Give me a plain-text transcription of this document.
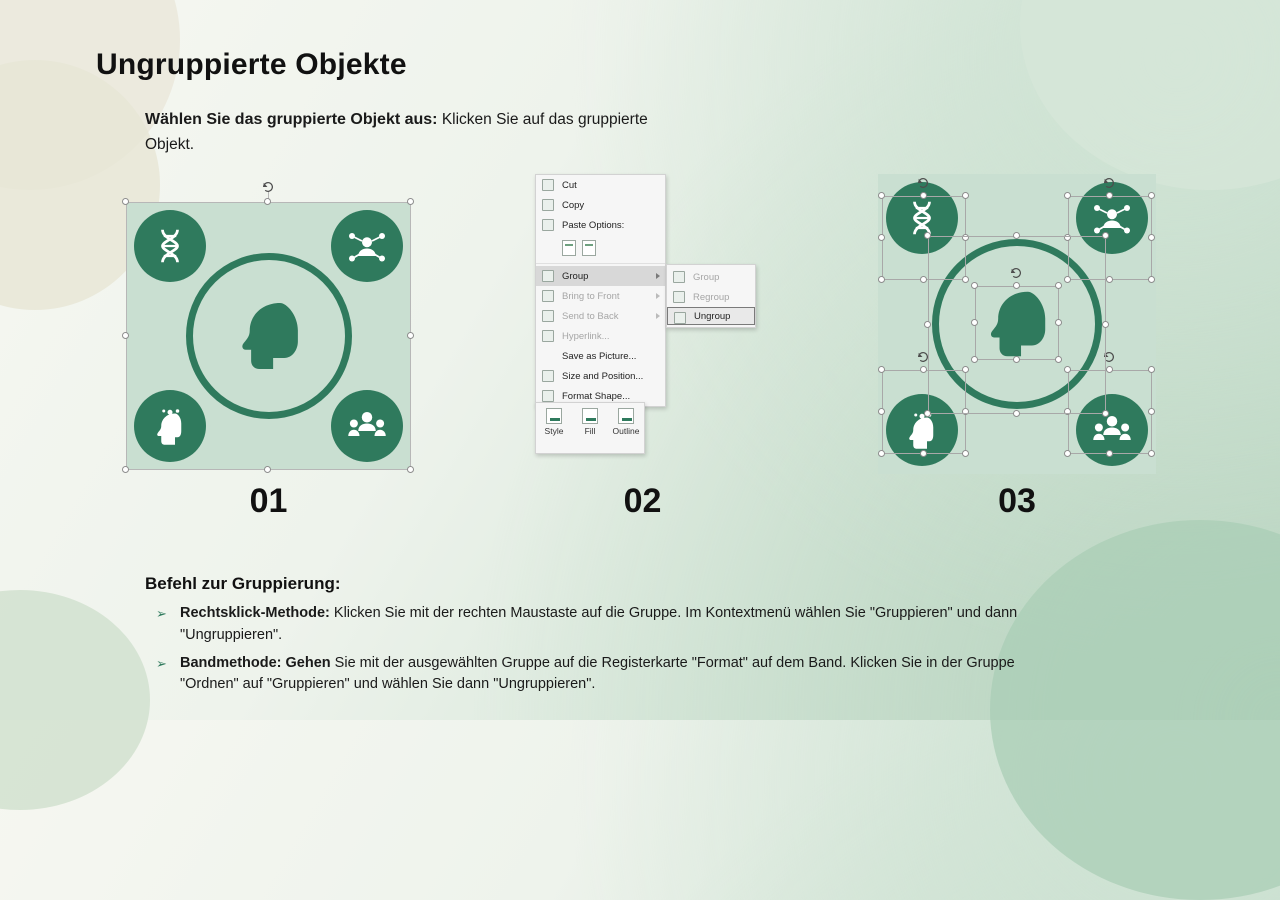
Ungruppierte Objekte
Wählen Sie das gruppierte Objekt aus: Klicken Sie auf das gruppierte Objekt.
01
Cut
Copy
Paste Options:
Group
Bring to Front
Send to Back
Hyperlink...
Save as Picture...
Size and Position...
Format Shape...
Group
Regroup
Ungroup
Style	Fill	Outline
02	03
Befehl zur Gruppierung:
➢ Rechtsklick-Methode: Klicken Sie mit der rechten Maustaste auf die Gruppe. Im Kontextmenü wählen Sie "Gruppieren" und dann "Ungruppieren".
➢ Bandmethode: Gehen Sie mit der ausgewählten Gruppe auf die Registerkarte "Format" auf dem Band. Klicken Sie in der Gruppe "Ordnen" auf "Gruppieren" und wählen Sie dann "Ungruppieren".
